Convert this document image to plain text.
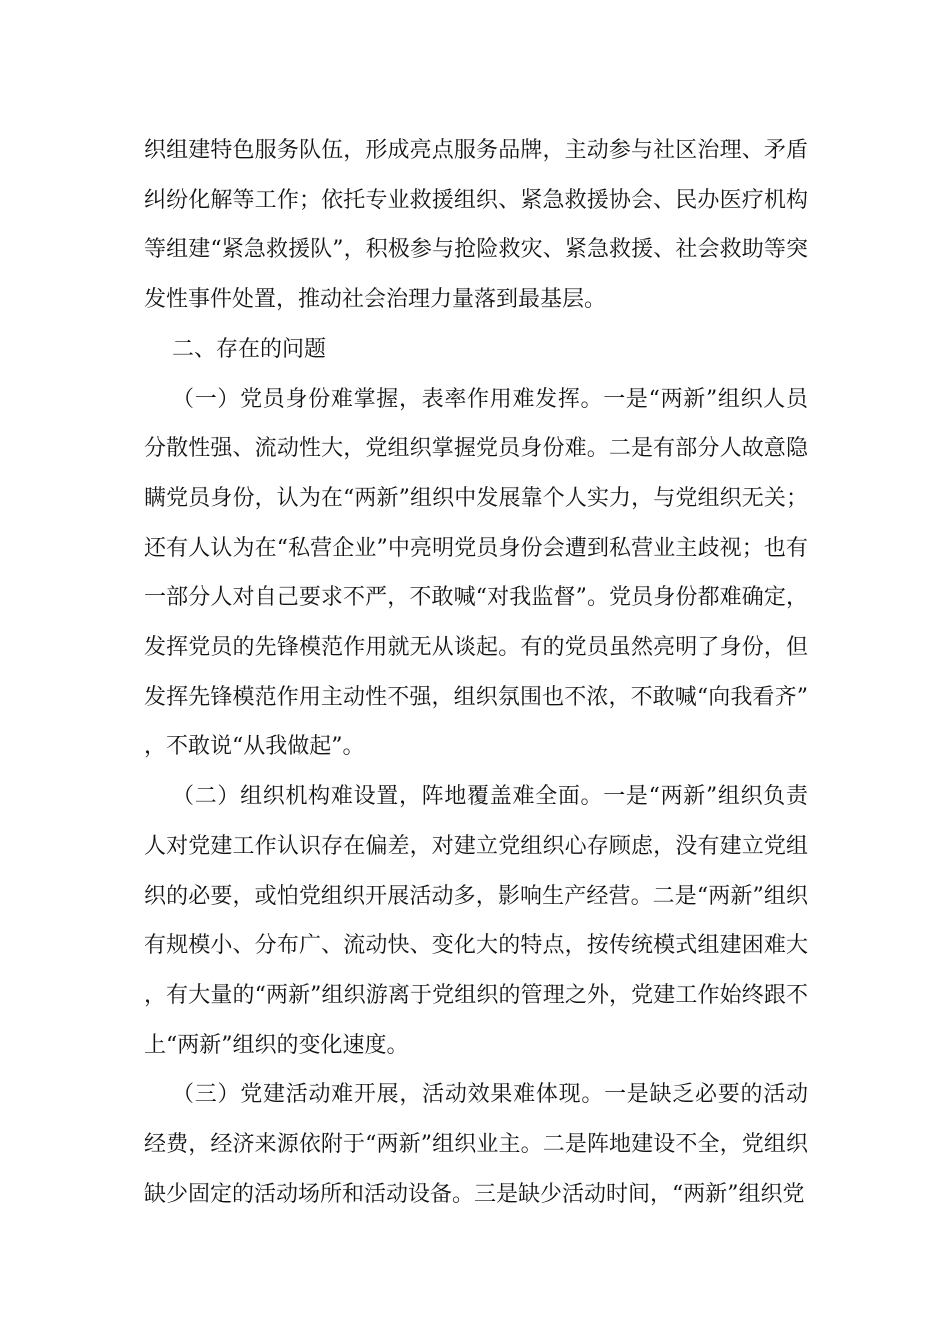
织组建特色服务队伍，形成亮点服务品牌，主动参与社区治理、矛盾纠纷化解等工作；依托专业救援组织、紧急救援协会、民办医疗机构等组建“紧急救援队”，积极参与抢险救灾、紧急救援、社会救助等突发性事件处置，推动社会治理力量落到最基层。

二、存在的问题

（一）党员身份难掌握，表率作用难发挥。一是“两新”组织人员分散性强、流动性大，党组织掌握党员身份难。二是有部分人故意隐瞒党员身份，认为在“两新”组织中发展靠个人实力，与党组织无关；还有人认为在“私营企业”中亮明党员身份会遭到私营业主歧视；也有一部分人对自己要求不严，不敢喊“对我监督”。党员身份都难确定，发挥党员的先锋模范作用就无从谈起。有的党员虽然亮明了身份，但发挥先锋模范作用主动性不强，组织氛围也不浓，不敢喊“向我看齐”，不敢说“从我做起”。

（二）组织机构难设置，阵地覆盖难全面。一是“两新”组织负责人对党建工作认识存在偏差，对建立党组织心存顾虑，没有建立党组织的必要，或怕党组织开展活动多，影响生产经营。二是“两新”组织有规模小、分布广、流动快、变化大的特点，按传统模式组建困难大，有大量的“两新”组织游离于党组织的管理之外，党建工作始终跟不上“两新”组织的变化速度。

（三）党建活动难开展，活动效果难体现。一是缺乏必要的活动经费，经济来源依附于“两新”组织业主。二是阵地建设不全，党组织缺少固定的活动场所和活动设备。三是缺少活动时间，“两新”组织党
